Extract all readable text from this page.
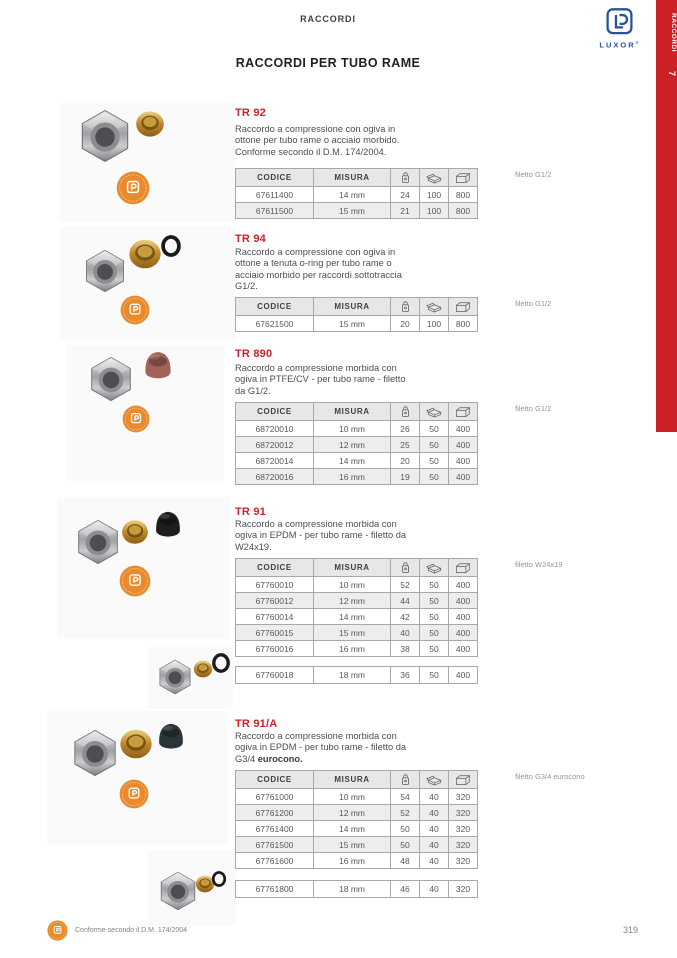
RACCORDI
LUXOR®	RACCORDI
7
RACCORDI PER TUBO RAME
TR 92
Raccordo a compressione con ogiva in ottone per tubo rame o acciaio morbido. Conforme secondo il D.M. 174/2004.
filetto G1/2
CODICE	MISURA			
67611400	14 mm	24	100	800
67611500	15 mm	21	100	800
TR 94
Raccordo a compressione con ogiva in ottone a tenuta o-ring per tubo rame o acciaio morbido per raccordi sottotraccia G1/2.
filetto G1/2
CODICE	MISURA			
67621500	15 mm	20	100	800
TR 890
Raccordo a compressione morbida con ogiva in PTFE/CV - per tubo rame - filetto da G1/2.
filetto G1/2
CODICE	MISURA			
68720010	10 mm	26	50	400
68720012	12 mm	25	50	400
68720014	14 mm	20	50	400
68720016	16 mm	19	50	400
TR 91
Raccordo a compressione morbida con ogiva in EPDM - per tubo rame - filetto da W24x19.
filetto W24x19
CODICE	MISURA			
67760010	10 mm	52	50	400
67760012	12 mm	44	50	400
67760014	14 mm	42	50	400
67760015	15 mm	40	50	400
67760016	16 mm	38	50	400
67760018	18 mm	36	50	400
TR 91/A
Raccordo a compressione morbida con ogiva in EPDM - per tubo rame - filetto da G3/4 eurocono.
filetto G3/4 eurocono
CODICE	MISURA			
67761000	10 mm	54	40	320
67761200	12 mm	52	40	320
67761400	14 mm	50	40	320
67761500	15 mm	50	40	320
67761600	16 mm	48	40	320
67761800	18 mm	46	40	320
Conforme secondo il D.M. 174/2004	319
